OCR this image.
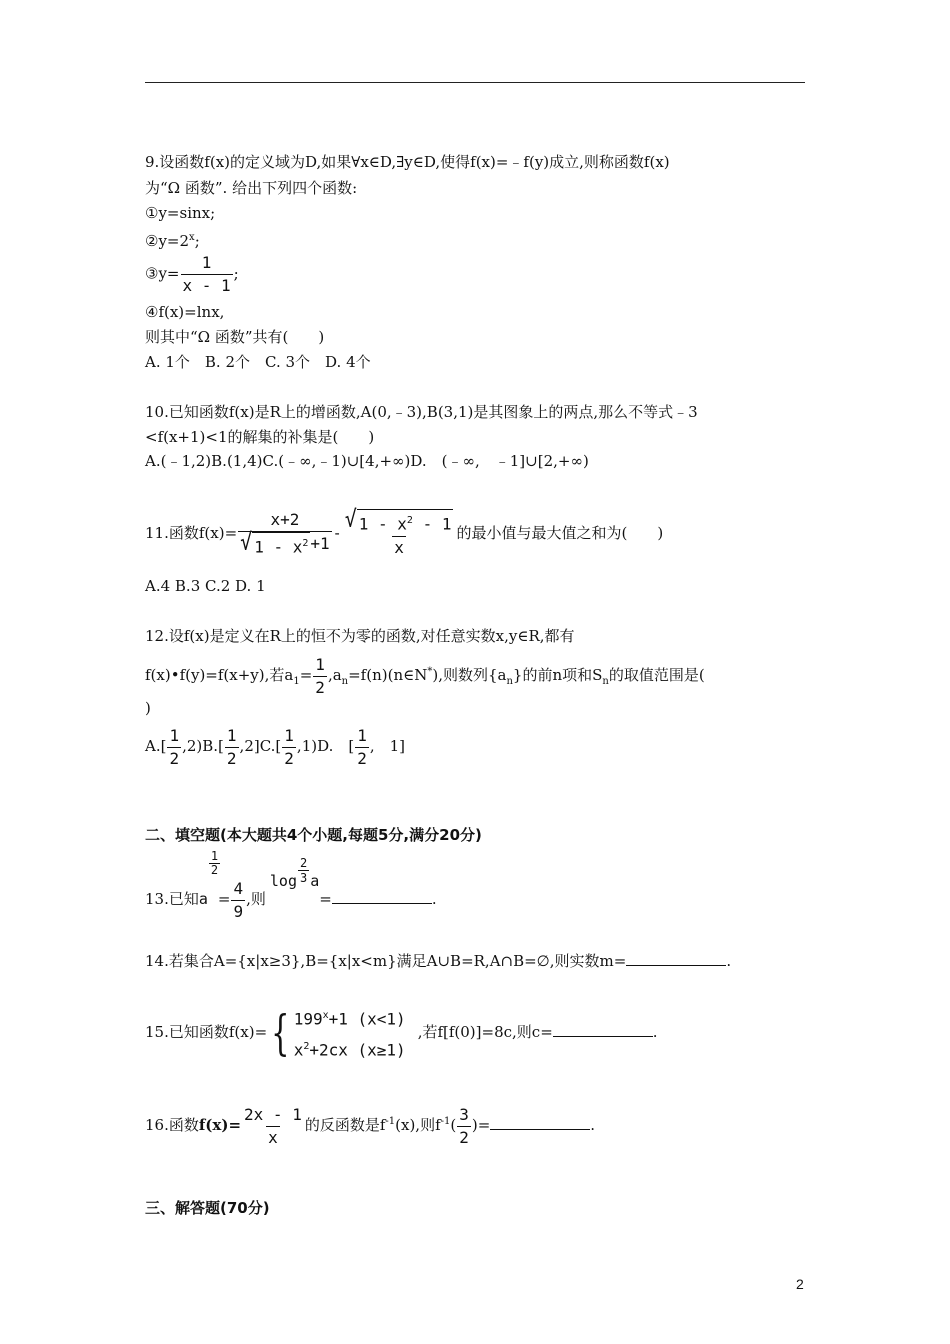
9.设函数f(x)的定义域为D,如果∀x∈D,∃y∈D,使得f(x)=﹣f(y)成立,则称函数f(x)
为“Ω 函数”. 给出下列四个函数:
①y=sinx;
$②y=2^x$;
③y= $\frac{1}{x - 1}$ ;
④f(x)=lnx,
则其中“Ω 函数”共有(　　)
A. 1个　B. 2个　C. 3个　D. 4个
10.已知函数f(x)是R上的增函数,A(0,﹣3),B(3,1)是其图象上的两点,那么不等式﹣3
<f(x+1)<1的解集的补集是(　　)
A.(﹣1,2)B.(1,4)C.(﹣∞,﹣1)∪[4,+∞)D.　(﹣∞,　﹣1]∪[2,+∞)
11.函数$f(x)= \frac{x+2}{√ 1 - x^2 +1} - \frac{√ 1 - x^2 - 1}{x}$ 的最小值与最大值之和为(　　)
A.4 B.3 C.2 D. 1
12.设f(x)是定义在R上的恒不为零的函数,对任意实数x,y∈R,都有
f(x)•f(y)=f(x+y),若$a_1= \frac{1}{2}$ $,a_n=f(n)(n\in N^*)$,则数列$\{a_n\}$的前n项和$S_n$的取值范围是(
)
$A.[ \frac{1}{2} ,2)B.[ \frac{1}{2} ,2]C.[ \frac{1}{2} ,1)D$.　[ $\frac{1}{2}$ ,　1]
二、填空题(本大题共4个小题,每题5分,满分20分)
13.已知a
$\frac{1}{2}$
= $\frac{4}{9}$ ,则$\log \frac{2}{3} a=$	.
14.若集合A={x|x≥3},B={x|x<m}满足A∪B=R,A∩B=∅,则实数m=	.
15.已知函数f(x)={ $199^x+1$ (x<1)
$x^2+2cx$ (x≥1)
,若f[f(0)]=8c,则c=	.
16.函数$f(x)= \frac{2x - 1}{x}$ 的反函数是$f^{-1}(x)$,则$f^{-1}( \frac{3}{2}$ )=	.
三、解答题(70分)
2
